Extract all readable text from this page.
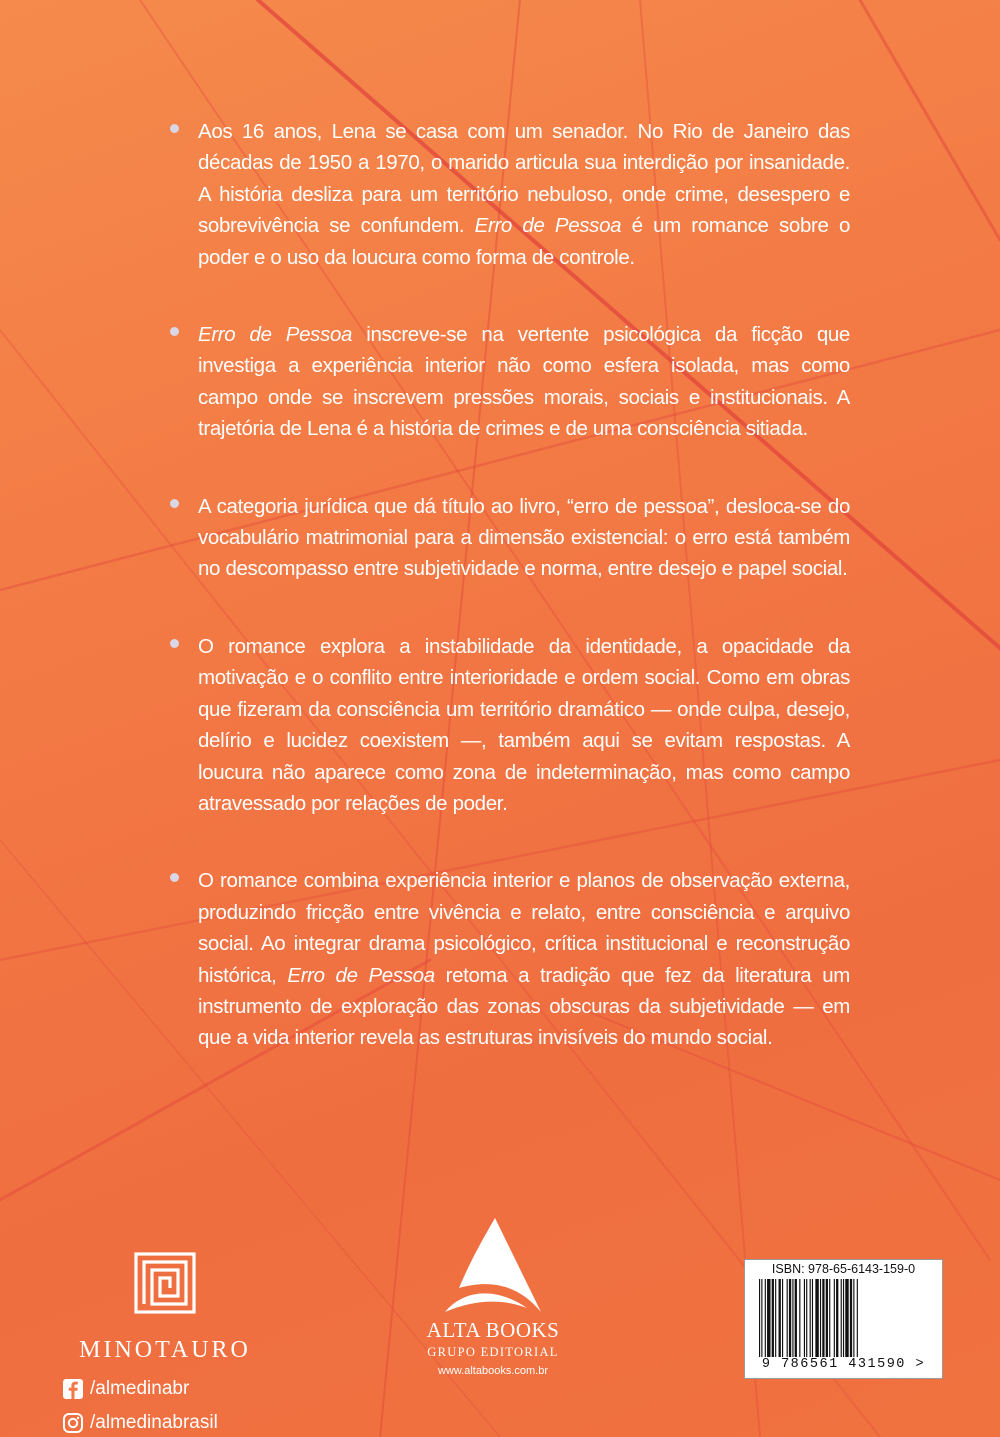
Aos 16 anos, Lena se casa com um senador. No Rio de Janeiro das décadas de 1950 a 1970, o marido articula sua interdição por insanidade. A história desliza para um território nebuloso, onde crime, desespero e sobrevivência se confundem. Erro de Pessoa é um romance sobre o poder e o uso da loucura como forma de controle.
Erro de Pessoa inscreve-se na vertente psicológica da ficção que investiga a experiência interior não como esfera isolada, mas como campo onde se inscrevem pressões morais, sociais e institucionais. A trajetória de Lena é a história de crimes e de uma consciência sitiada.
A categoria jurídica que dá título ao livro, “erro de pessoa”, desloca-se do vocabulário matrimonial para a dimensão existencial: o erro está também no descompasso entre subjetividade e norma, entre desejo e papel social.
O romance explora a instabilidade da identidade, a opacidade da motivação e o conflito entre interioridade e ordem social. Como em obras que fizeram da consciência um território dramático — onde culpa, desejo, delírio e lucidez coexistem —, também aqui se evitam respostas. A loucura não aparece como zona de indeterminação, mas como campo atravessado por relações de poder.
O romance combina experiência interior e planos de observação externa, produzindo fricção entre vivência e relato, entre consciência e arquivo social. Ao integrar drama psicológico, crítica institucional e reconstrução histórica, Erro de Pessoa retoma a tradição que fez da literatura um instrumento de exploração das zonas obscuras da subjetividade — em que a vida interior revela as estruturas invisíveis do mundo social.
MINOTAURO
/almedinabr
/almedinabrasil
ALTA BOOKS
GRUPO EDITORIAL
www.altabooks.com.br
ISBN: 978-65-6143-159-0
9 786561 431590 >
